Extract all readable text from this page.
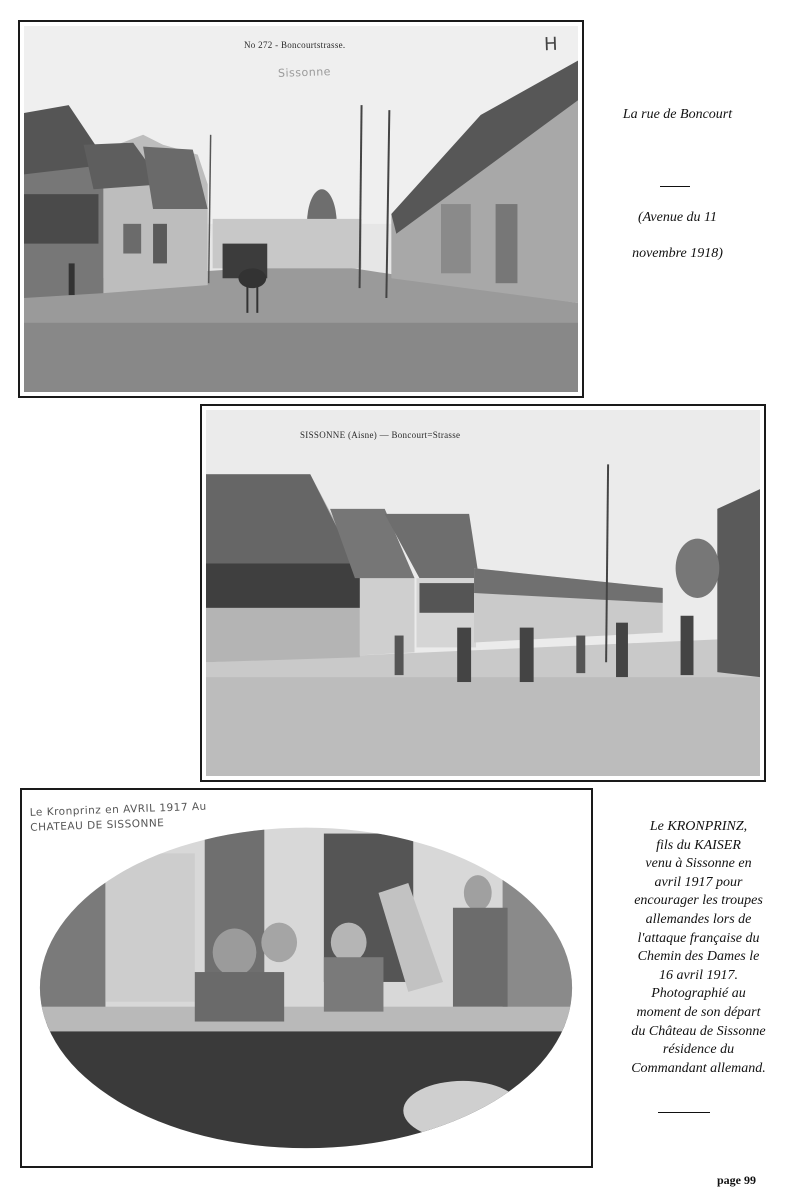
No 272 - Boncourtstrasse.	H
Sissonne
La rue de Boncourt
(Avenue du 11
novembre 1918)
SISSONNE (Aisne) — Boncourt=Strasse
Le Kronprinz en AVRIL 1917 Au CHATEAU DE SISSONNE	Le KRONPRINZ,
fils du KAISER
venu à Sissonne en
avril 1917 pour
encourager les troupes
allemandes lors de
l'attaque française du
Chemin des Dames le
16 avril 1917.
Photographié au
moment de son départ
du Château de Sissonne
résidence du
Commandant allemand.
page 99
